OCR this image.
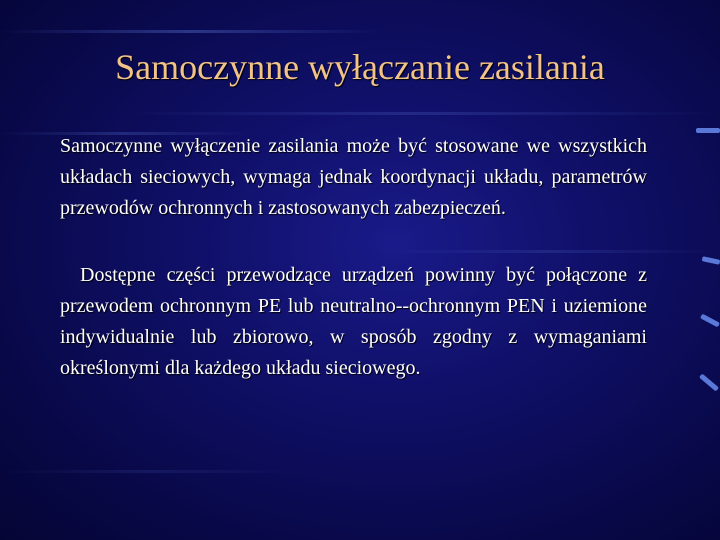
Samoczynne wyłączanie zasilania

Samoczynne wyłączenie zasilania może być stosowane we wszystkich układach sieciowych, wymaga jednak koordynacji układu, parametrów przewodów ochronnych i zastosowanych zabezpieczeń.

Dostępne części przewodzące urządzeń powinny być połączone z przewodem ochronnym PE lub neutralno--ochronnym PEN i uziemione indywidualnie lub zbiorowo, w sposób zgodny z wymaganiami określonymi dla każdego układu sieciowego.
